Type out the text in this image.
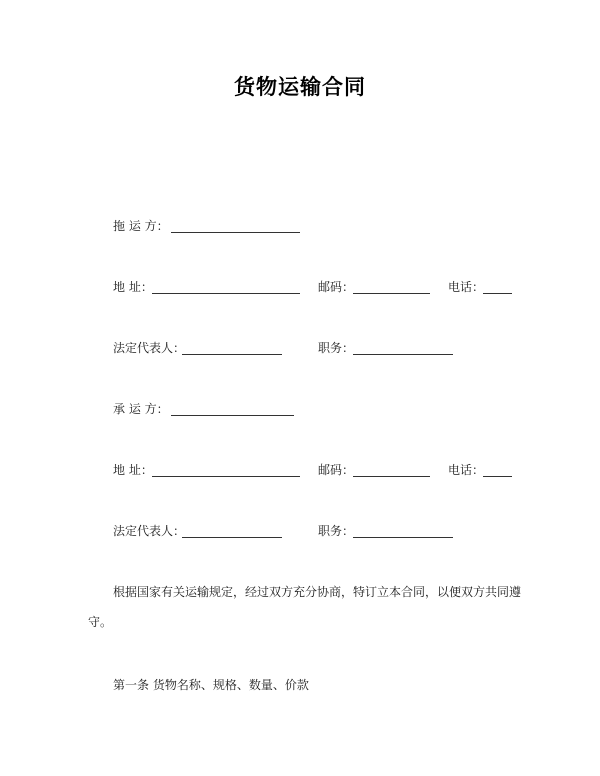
货物运输合同
拖 运 方：
地 址：	邮码：	电话：
法定代表人：	职务：
承 运 方：
地 址：	邮码：	电话：
法定代表人：	职务：
根据国家有关运输规定，经过双方充分协商，特订立本合同，以便双方共同遵
守。
第一条 货物名称、规格、数量、价款
